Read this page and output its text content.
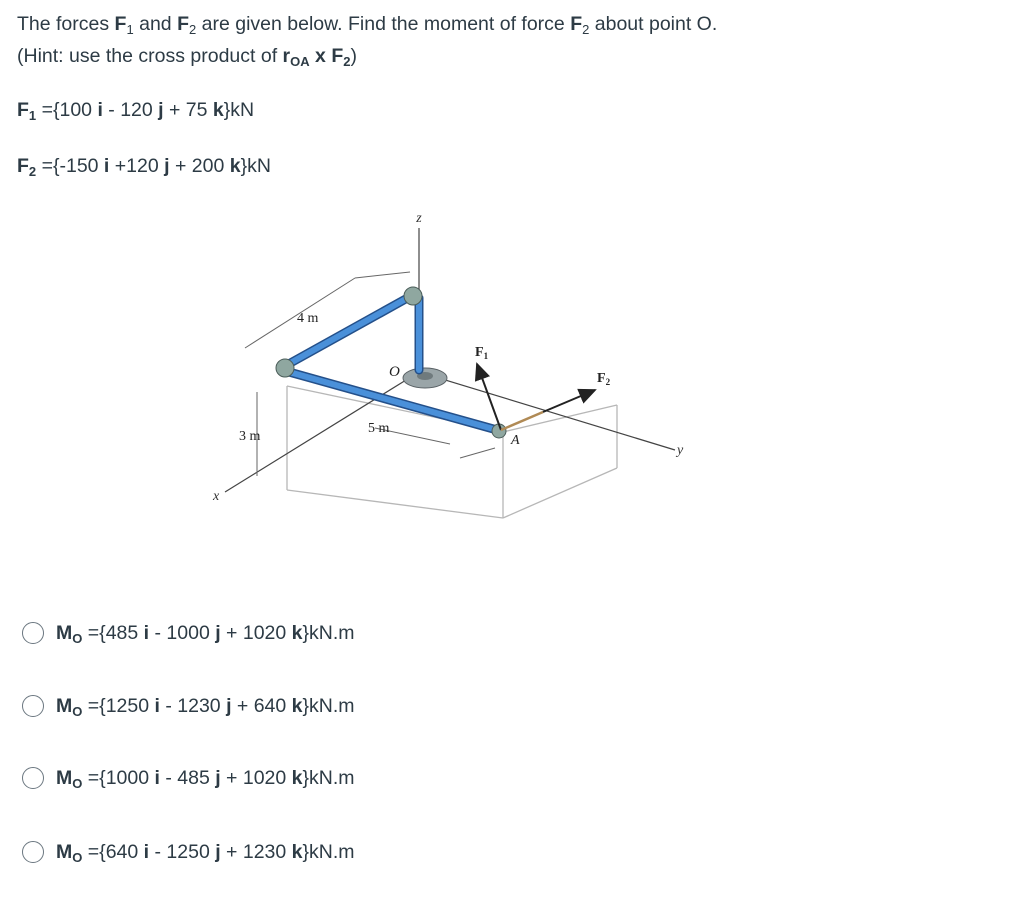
The forces $F_1$ and $F_2$ are given below. Find the moment of force $F_2$ about point O.
(Hint: use the cross product of $r_{OA}$ x $F_2$)
$F_1 =\{100$ i - 120 j + 75 k}kN
$F_2 =\{-150$ i +120 j + 200 k}kN
z
x
y
O
A
4 m
5 m
3 m
$F_1$
$F_2$
$M_O =\{485$ i - 1000 j + 1020 k}kN.m
$M_O =\{1250$ i - 1230 j + 640 k}kN.m
$M_O =\{1000$ i - 485 j + 1020 k}kN.m
$M_O =\{640$ i - 1250 j + 1230 k}kN.m
